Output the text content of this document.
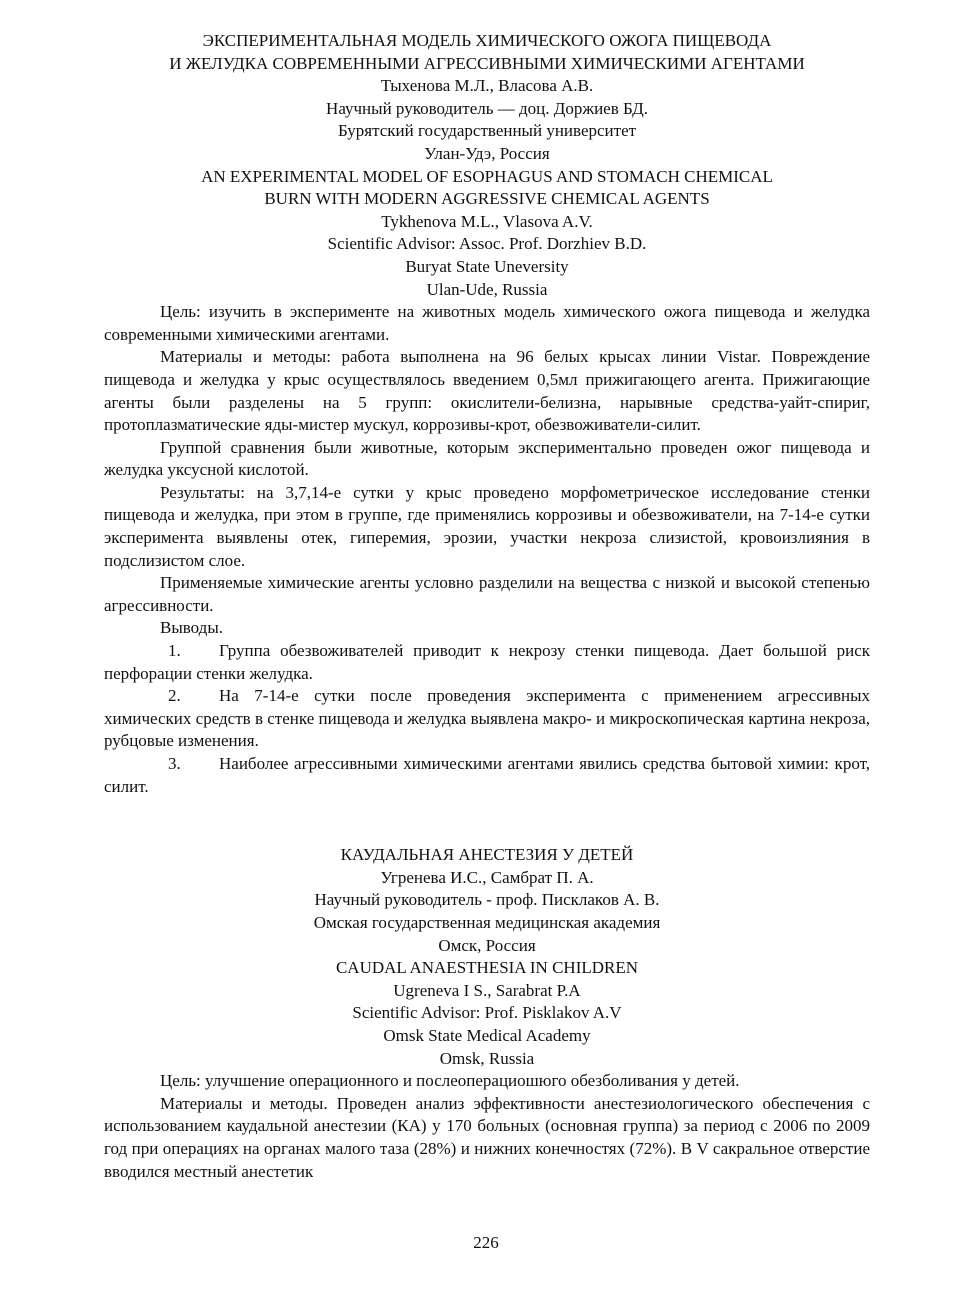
ЭКСПЕРИМЕНТАЛЬНАЯ МОДЕЛЬ ХИМИЧЕСКОГО ОЖОГА ПИЩЕВОДА
И ЖЕЛУДКА СОВРЕМЕННЫМИ АГРЕССИВНЫМИ ХИМИЧЕСКИМИ АГЕНТАМИ
Тыхенова М.Л., Власова А.В.
Научный руководитель — доц. Доржиев БД.
Бурятский государственный университет
Улан-Удэ, Россия
AN EXPERIMENTAL MODEL OF ESOPHAGUS AND STOMACH CHEMICAL
BURN WITH MODERN AGGRESSIVE CHEMICAL AGENTS
Tykhenova M.L., Vlasova A.V.
Scientific Advisor: Assoc. Prof. Dorzhiev B.D.
Buryat State Uneversity
Ulan-Ude, Russia

Цель: изучить в эксперименте на животных модель химического ожога пищевода и желудка современными химическими агентами.

Материалы и методы: работа выполнена на 96 белых крысах линии Vistar. Повреждение пищевода и желудка у крыс осуществлялось введением 0,5мл прижигающего агента. Прижигающие агенты были разделены на 5 групп: окислители-белизна, нарывные средства-уайт-спириг, протоплазматические яды-мистер мускул, коррозивы-крот, обезвоживатели-силит.

Группой сравнения были животные, которым экспериментально проведен ожог пищевода и желудка уксусной кислотой.

Результаты: на 3,7,14-е сутки у крыс проведено морфометрическое исследование стенки пищевода и желудка, при этом в группе, где применялись коррозивы и обезвоживатели, на 7-14-е сутки эксперимента выявлены отек, гиперемия, эрозии, участки некроза слизистой, кровоизлияния в подслизистом слое.

Применяемые химические агенты условно разделили на вещества с низкой и высокой степенью агрессивности.

Выводы.

1. Группа обезвоживателей приводит к некрозу стенки пищевода. Дает большой риск перфорации стенки желудка.

2. На 7-14-е сутки после проведения эксперимента с применением агрессивных химических средств в стенке пищевода и желудка выявлена макро- и микроскопическая картина некроза, рубцовые изменения.

3. Наиболее агрессивными химическими агентами явились средства бытовой химии: крот, силит.

КАУДАЛЬНАЯ АНЕСТЕЗИЯ У ДЕТЕЙ
Угренева И.С., Самбрат П. А.
Научный руководитель - проф. Писклаков А. В.
Омская государственная медицинская академия
Омск, Россия
CAUDAL ANAESTHESIA IN CHILDREN
Ugreneva I S., Sarabrat P.A
Scientific Advisor: Prof. Pisklakov A.V
Omsk State Medical Academy
Omsk, Russia

Цель: улучшение операционного и послеоперациошюго обезболивания у детей.

Материалы и методы. Проведен анализ эффективности анестезиологического обеспечения с использованием каудальной анестезии (КА) у 170 больных (основная группа) за период с 2006 по 2009 год при операциях на органах малого таза (28%) и нижних конечностях (72%). В V сакральное отверстие вводился местный анестетик

226
